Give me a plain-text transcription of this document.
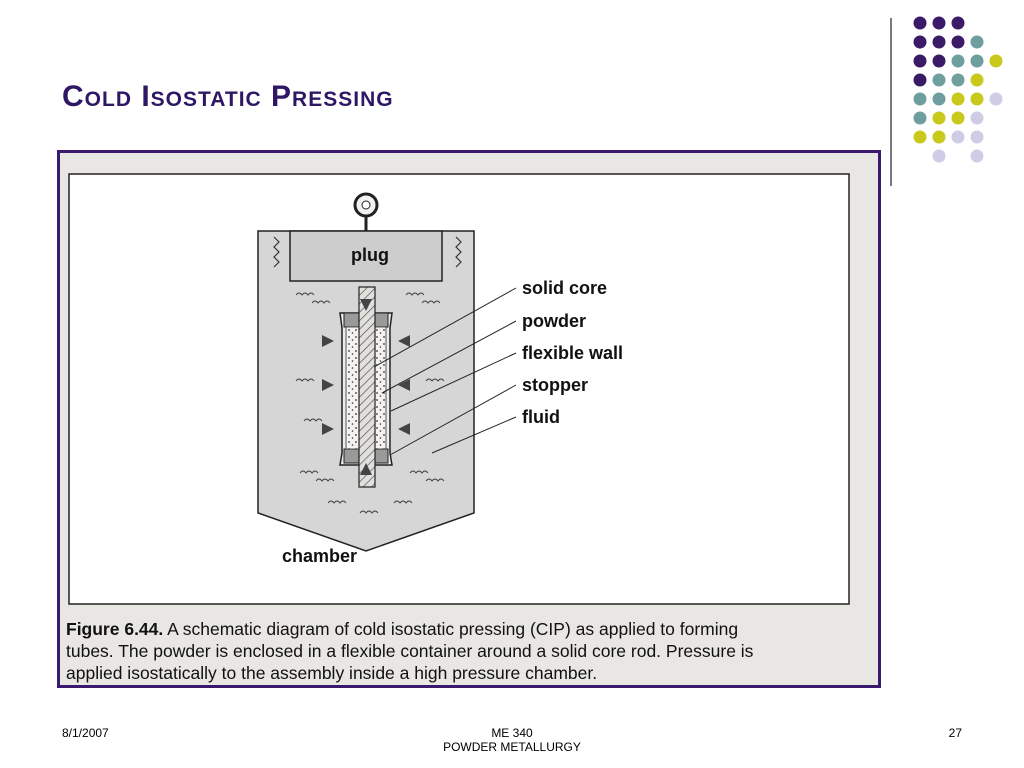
Cold Isostatic Pressing
plug
solid core
powder
flexible wall
stopper
fluid
chamber

Figure 6.44. A schematic diagram of cold isostatic pressing (CIP) as applied to forming

tubes. The powder is enclosed in a flexible container around a solid core rod. Pressure is

applied isostatically to the assembly inside a high pressure chamber.

8/1/2007	ME 340
POWDER METALLURGY
27
